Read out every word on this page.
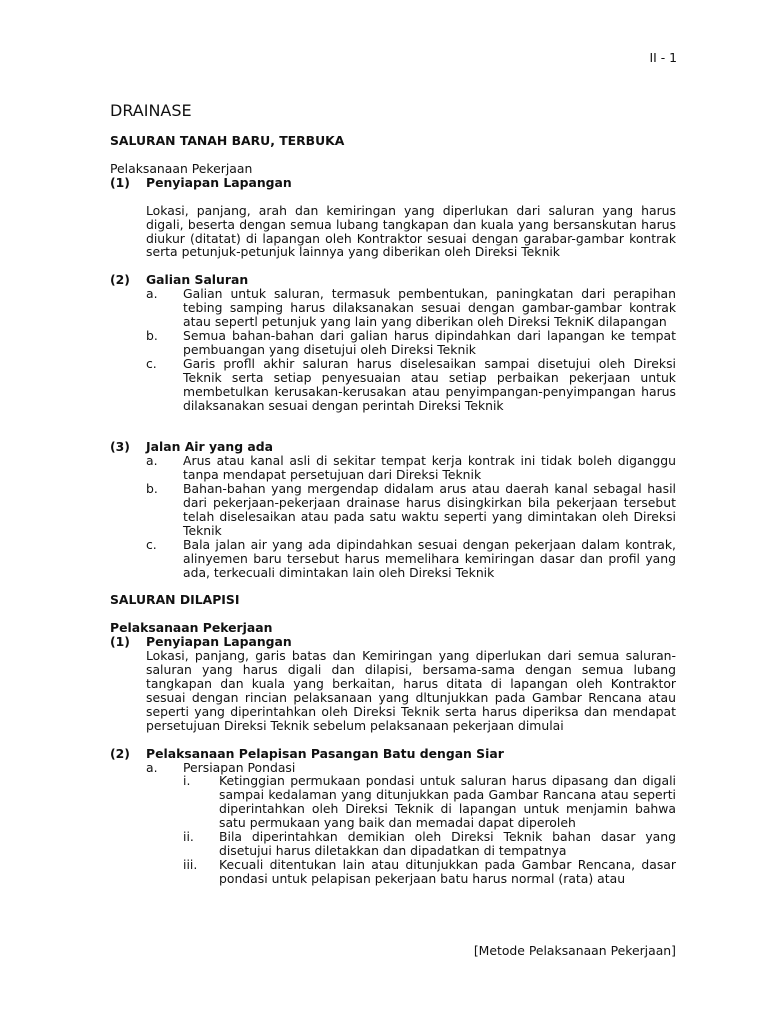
II - 1
DRAINASE
SALURAN TANAH BARU, TERBUKA
Pelaksanaan Pekerjaan
(1)	Penyiapan Lapangan
Lokasi, panjang, arah dan kemiringan yang diperlukan dari saluran yang harus digali, beserta dengan semua lubang tangkapan dan kuala yang bersanskutan harus diukur (ditatat) di lapangan oleh Kontraktor sesuai dengan garabar-gambar kontrak serta petunjuk-petunjuk lainnya yang diberikan oleh Direksi Teknik
(2)	Galian Saluran
a.	Galian untuk saluran, termasuk pembentukan, paningkatan dari perapihan tebing samping harus dilaksanakan sesuai dengan gambar-gambar kontrak atau sepertl petunjuk yang lain yang diberikan oleh Direksi TekniK dilapangan
b.	Semua bahan-bahan dari galian harus dipindahkan dari lapangan ke tempat pembuangan yang disetujui oleh Direksi Teknik
c.	Garis profll akhir saluran harus diselesaikan sampai disetujui oleh Direksi Teknik serta setiap penyesuaian atau setiap perbaikan pekerjaan untuk membetulkan kerusakan-kerusakan atau penyimpangan-penyimpangan harus dilaksanakan sesuai dengan perintah Direksi Teknik
(3)	Jalan Air yang ada
a.	Arus atau kanal asli di sekitar tempat kerja kontrak ini tidak boleh diganggu tanpa mendapat persetujuan dari Direksi Teknik
b.	Bahan-bahan yang mergendap didalam arus atau daerah kanal sebagal hasil dari pekerjaan-pekerjaan drainase harus disingkirkan bila pekerjaan tersebut telah diselesaikan atau pada satu waktu seperti yang dimintakan oleh Direksi Teknik
c.	Bala jalan air yang ada dipindahkan sesuai dengan pekerjaan dalam kontrak, alinyemen baru tersebut harus memelihara kemiringan dasar dan profil yang ada, terkecuali dimintakan lain oleh Direksi Teknik
SALURAN DILAPISI
Pelaksanaan Pekerjaan
(1)	Penyiapan Lapangan
Lokasi, panjang, garis batas dan Kemiringan yang diperlukan dari semua saluran-saluran yang harus digali dan dilapisi, bersama-sama dengan semua lubang tangkapan dan kuala yang berkaitan, harus ditata di lapangan oleh Kontraktor sesuai dengan rincian pelaksanaan yang dltunjukkan pada Gambar Rencana atau seperti yang diperintahkan oleh Direksi Teknik serta harus diperiksa dan mendapat persetujuan Direksi Teknik sebelum pelaksanaan pekerjaan dimulai
(2)	Pelaksanaan Pelapisan Pasangan Batu dengan Siar
a.	Persiapan Pondasi
i.	Ketinggian permukaan pondasi untuk saluran harus dipasang dan digali sampai kedalaman yang ditunjukkan pada Gambar Rancana atau seperti diperintahkan oleh Direksi Teknik di lapangan untuk menjamin bahwa satu permukaan yang baik dan memadai dapat diperoleh
ii.	Bila diperintahkan demikian oleh Direksi Teknik bahan dasar yang disetujui harus diletakkan dan dipadatkan di tempatnya
iii.	Kecuali ditentukan lain atau ditunjukkan pada Gambar Rencana, dasar pondasi untuk pelapisan pekerjaan batu harus normal (rata) atau
[Metode Pelaksanaan Pekerjaan]
